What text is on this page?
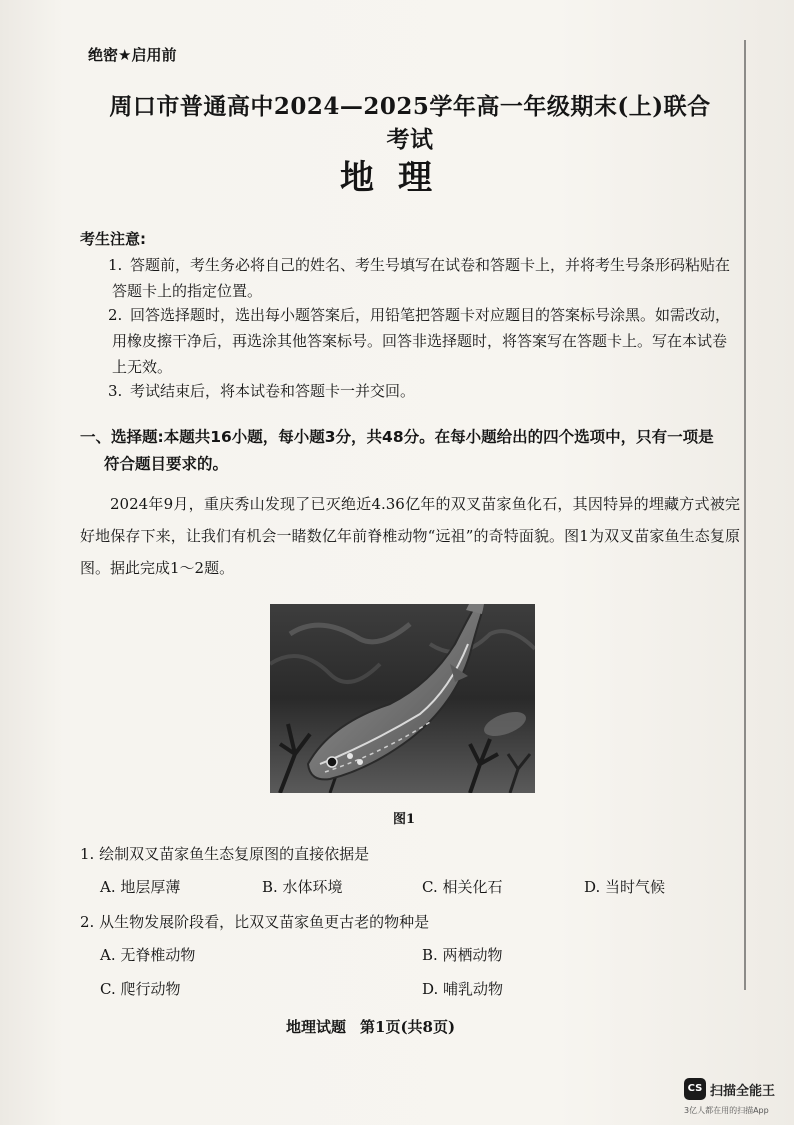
绝密★启用前
周口市普通高中2024—2025学年高一年级期末(上)联合考试
地理
考生注意:
1. 答题前，考生务必将自己的姓名、考生号填写在试卷和答题卡上，并将考生号条形码粘贴在答题卡上的指定位置。
2. 回答选择题时，选出每小题答案后，用铅笔把答题卡对应题目的答案标号涂黑。如需改动，用橡皮擦干净后，再选涂其他答案标号。回答非选择题时，将答案写在答题卡上。写在本试卷上无效。
3. 考试结束后，将本试卷和答题卡一并交回。
一、选择题:本题共16小题，每小题3分，共48分。在每小题给出的四个选项中，只有一项是
符合题目要求的。
2024年9月，重庆秀山发现了已灭绝近4.36亿年的双叉苗家鱼化石，其因特异的埋藏方式被完好地保存下来，让我们有机会一睹数亿年前脊椎动物“远祖”的奇特面貌。图1为双叉苗家鱼生态复原图。据此完成1～2题。
图1
1. 绘制双叉苗家鱼生态复原图的直接依据是
A. 地层厚薄	B. 水体环境	C. 相关化石	D. 当时气候
2. 从生物发展阶段看，比双叉苗家鱼更古老的物种是
A. 无脊椎动物	B. 两栖动物
C. 爬行动物	D. 哺乳动物
地理试题 第1页(共8页)
CS 扫描全能王
3亿人都在用的扫描App
